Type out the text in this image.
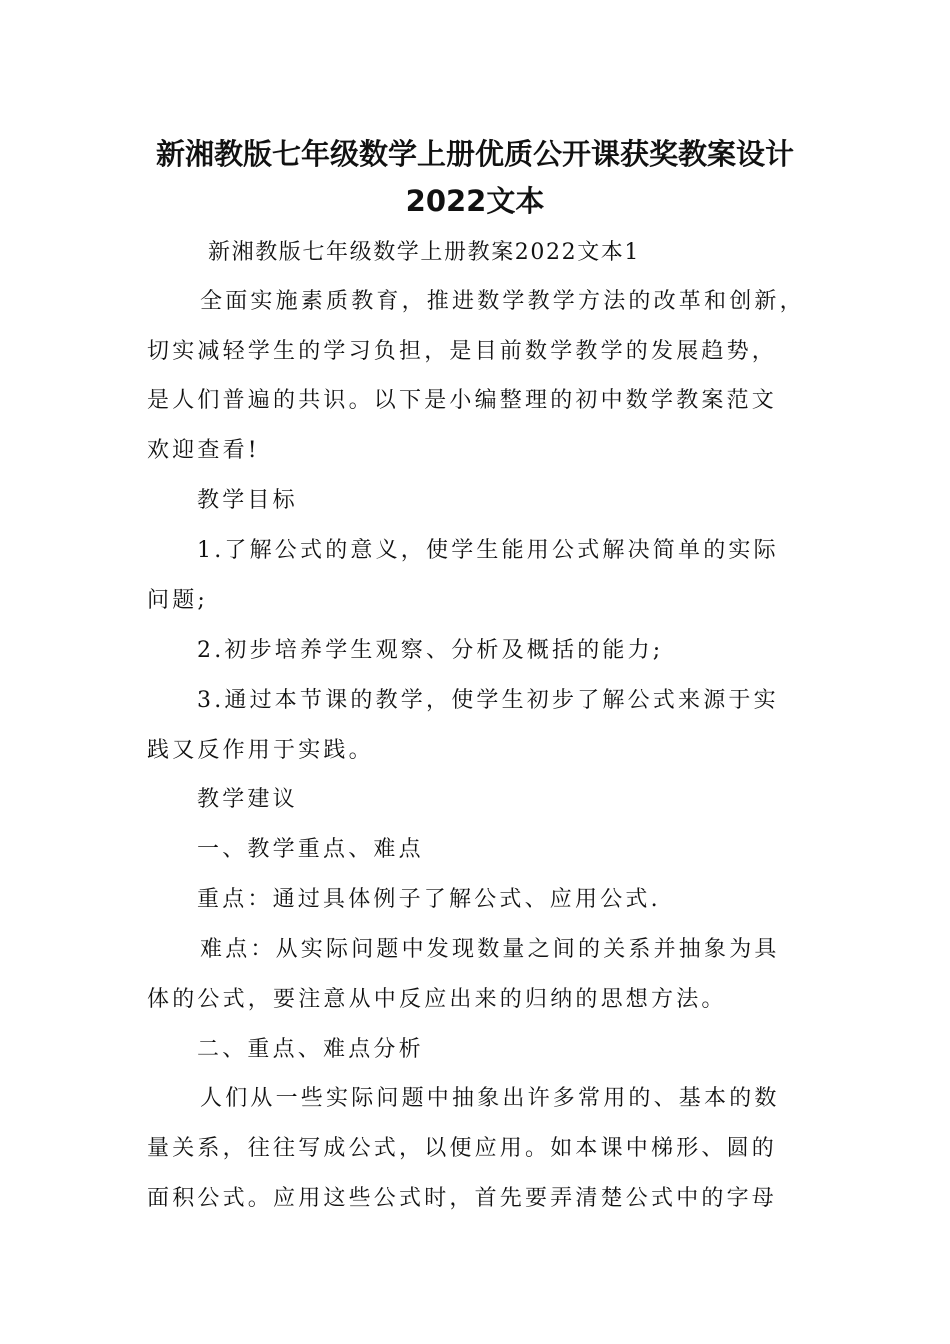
新湘教版七年级数学上册优质公开课获奖教案设计
2022文本

新湘教版七年级数学上册教案2022文本1

全面实施素质教育，推进数学教学方法的改革和创新，

切实减轻学生的学习负担，是目前数学教学的发展趋势，

是人们普遍的共识。以下是小编整理的初中数学教案范文

欢迎查看!

教学目标

1.了解公式的意义，使学生能用公式解决简单的实际

问题;

2.初步培养学生观察、分析及概括的能力;

3.通过本节课的教学，使学生初步了解公式来源于实

践又反作用于实践。

教学建议

一、教学重点、难点

重点：通过具体例子了解公式、应用公式.

难点：从实际问题中发现数量之间的关系并抽象为具

体的公式，要注意从中反应出来的归纳的思想方法。

二、重点、难点分析

人们从一些实际问题中抽象出许多常用的、基本的数

量关系，往往写成公式，以便应用。如本课中梯形、圆的

面积公式。应用这些公式时，首先要弄清楚公式中的字母
